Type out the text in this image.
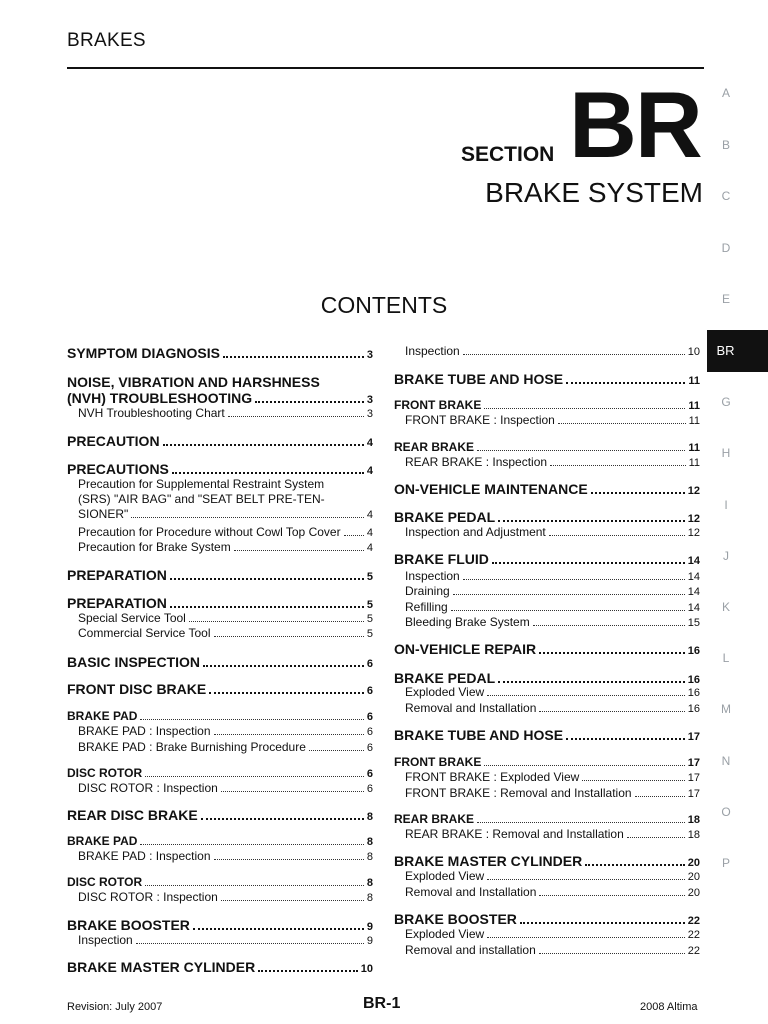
BRAKES
SECTION BR
BRAKE SYSTEM
CONTENTS
SYMPTOM DIAGNOSIS	3
NOISE, VIBRATION AND HARSHNESS
(NVH) TROUBLESHOOTING	3
NVH Troubleshooting Chart	3
PRECAUTION	4
PRECAUTIONS	4
Precaution for Supplemental Restraint System
(SRS) "AIR BAG" and "SEAT BELT PRE-TEN-
SIONER"	4
Precaution for Procedure without Cowl Top Cover 4
Precaution for Brake System	4
PREPARATION	5
PREPARATION	5
Special Service Tool	5
Commercial Service Tool	5
BASIC INSPECTION	6
FRONT DISC BRAKE	6
BRAKE PAD	6
BRAKE PAD : Inspection	6
BRAKE PAD : Brake Burnishing Procedure	6
DISC ROTOR	6
DISC ROTOR : Inspection	6
REAR DISC BRAKE	8
BRAKE PAD	8
BRAKE PAD : Inspection	8
DISC ROTOR	8
DISC ROTOR : Inspection	8
BRAKE BOOSTER	9
Inspection	9
BRAKE MASTER CYLINDER	10
Inspection	10
BRAKE TUBE AND HOSE	11
FRONT BRAKE	11
FRONT BRAKE : Inspection	11
REAR BRAKE	11
REAR BRAKE : Inspection	11
ON-VEHICLE MAINTENANCE	12
BRAKE PEDAL	12
Inspection and Adjustment	12
BRAKE FLUID	14
Inspection	14
Draining	14
Refilling	14
Bleeding Brake System	15
ON-VEHICLE REPAIR	16
BRAKE PEDAL	16
Exploded View	16
Removal and Installation	16
BRAKE TUBE AND HOSE	17
FRONT BRAKE	17
FRONT BRAKE : Exploded View	17
FRONT BRAKE : Removal and Installation	17
REAR BRAKE	18
REAR BRAKE : Removal and Installation	18
BRAKE MASTER CYLINDER	20
Exploded View	20
Removal and Installation	20
BRAKE BOOSTER	22
Exploded View	22
Removal and installation	22
A
B
C
D
E
BR
G
H
I
J
K
L
M
N
O
P
Revision: July 2007	BR-1	2008 Altima
